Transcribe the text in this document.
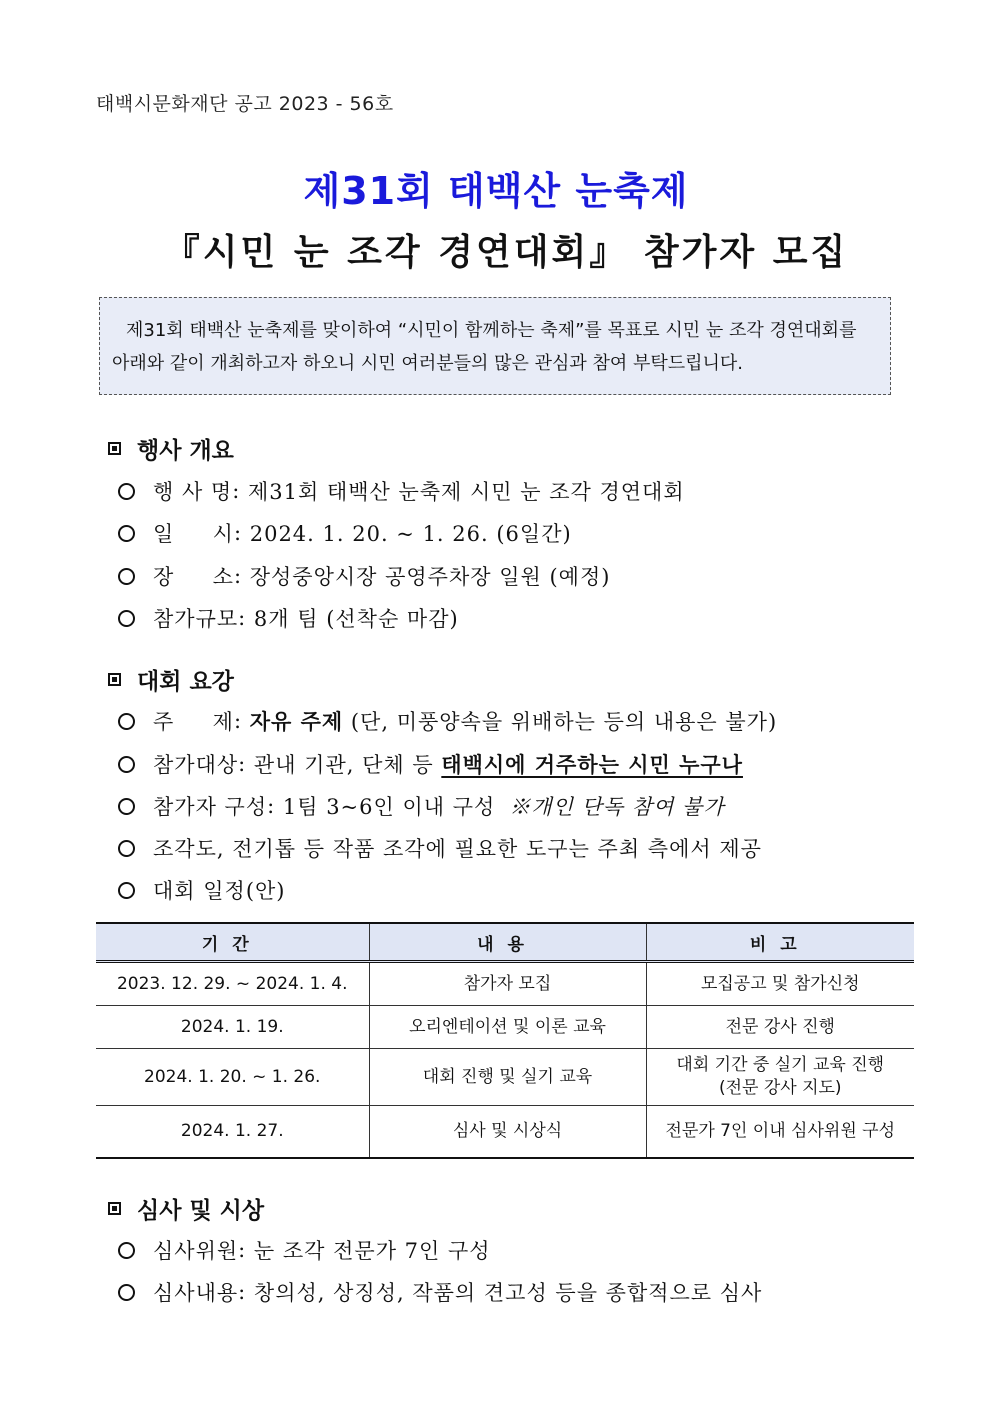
태백시문화재단 공고 2023 - 56호
제31회 태백산 눈축제
『시민 눈 조각 경연대회』 참가자 모집

제31회 태백산 눈축제를 맞이하여 “시민이 함께하는 축제”를 목표로 시민 눈 조각 경연대회를

아래와 같이 개최하고자 하오니 시민 여러분들의 많은 관심과 참여 부탁드립니다.

행사 개요
행 사 명 : 제31회 태백산 눈축제 시민 눈 조각 경연대회
일     시 : 2024. 1. 20. ~ 1. 26. (6일간)
장     소 : 장성중앙시장 공영주차장 일원 (예정)
참가규모 : 8개 팀 (선착순 마감)
대회 요강
주     제 : 자유 주제 (단, 미풍양속을 위배하는 등의 내용은 불가)
참가대상 : 관내 기관, 단체 등 태백시에 거주하는 시민 누구나
참가자 구성 : 1팀 3~6인 이내 구성 ※개인 단독 참여 불가
조각도, 전기톱 등 작품 조각에 필요한 도구는 주최 측에서 제공
대회 일정(안)
기간	내용	비고
2023. 12. 29. ~ 2024. 1. 4.	참가자 모집	모집공고 및 참가신청
2024. 1. 19.	오리엔테이션 및 이론 교육	전문 강사 진행
2024. 1. 20. ~ 1. 26.	대회 진행 및 실기 교육	대회 기간 중 실기 교육 진행
(전문 강사 지도)

2024. 1. 27.	심사 및 시상식	전문가 7인 이내 심사위원 구성
심사 및 시상
심사위원 : 눈 조각 전문가 7인 구성
심사내용 : 창의성, 상징성, 작품의 견고성 등을 종합적으로 심사
